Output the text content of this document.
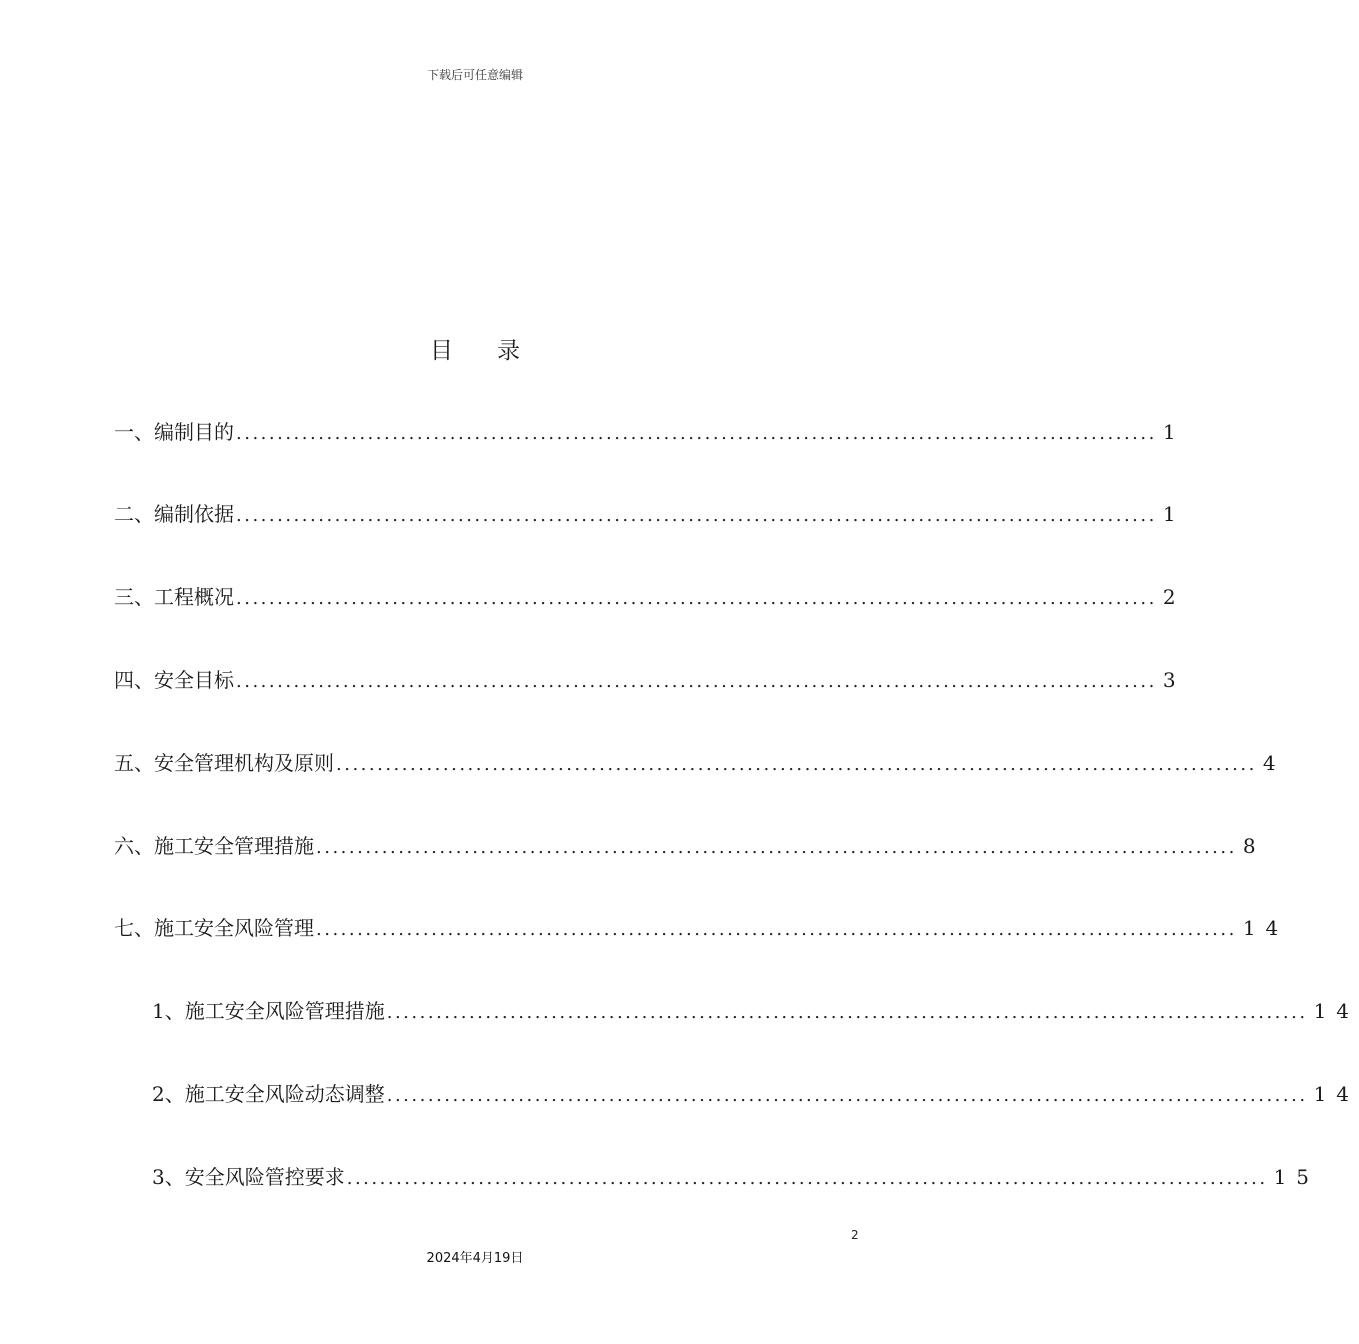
下载后可任意编辑
目录
一、编制目的 ................................................................................................................ 1
二、编制依据 ................................................................................................................ 1
三、工程概况 ................................................................................................................ 2
四、安全目标 ................................................................................................................ 3
五、安全管理机构及原则 ................................................................................................................ 4
六、施工安全管理措施 ................................................................................................................ 8
七、施工安全风险管理 ................................................................................................................ 14
1、施工安全风险管理措施 ................................................................................................................ 14
2、施工安全风险动态调整 ................................................................................................................ 14
3、安全风险管控要求 ................................................................................................................ 15
2
2024年4月19日
